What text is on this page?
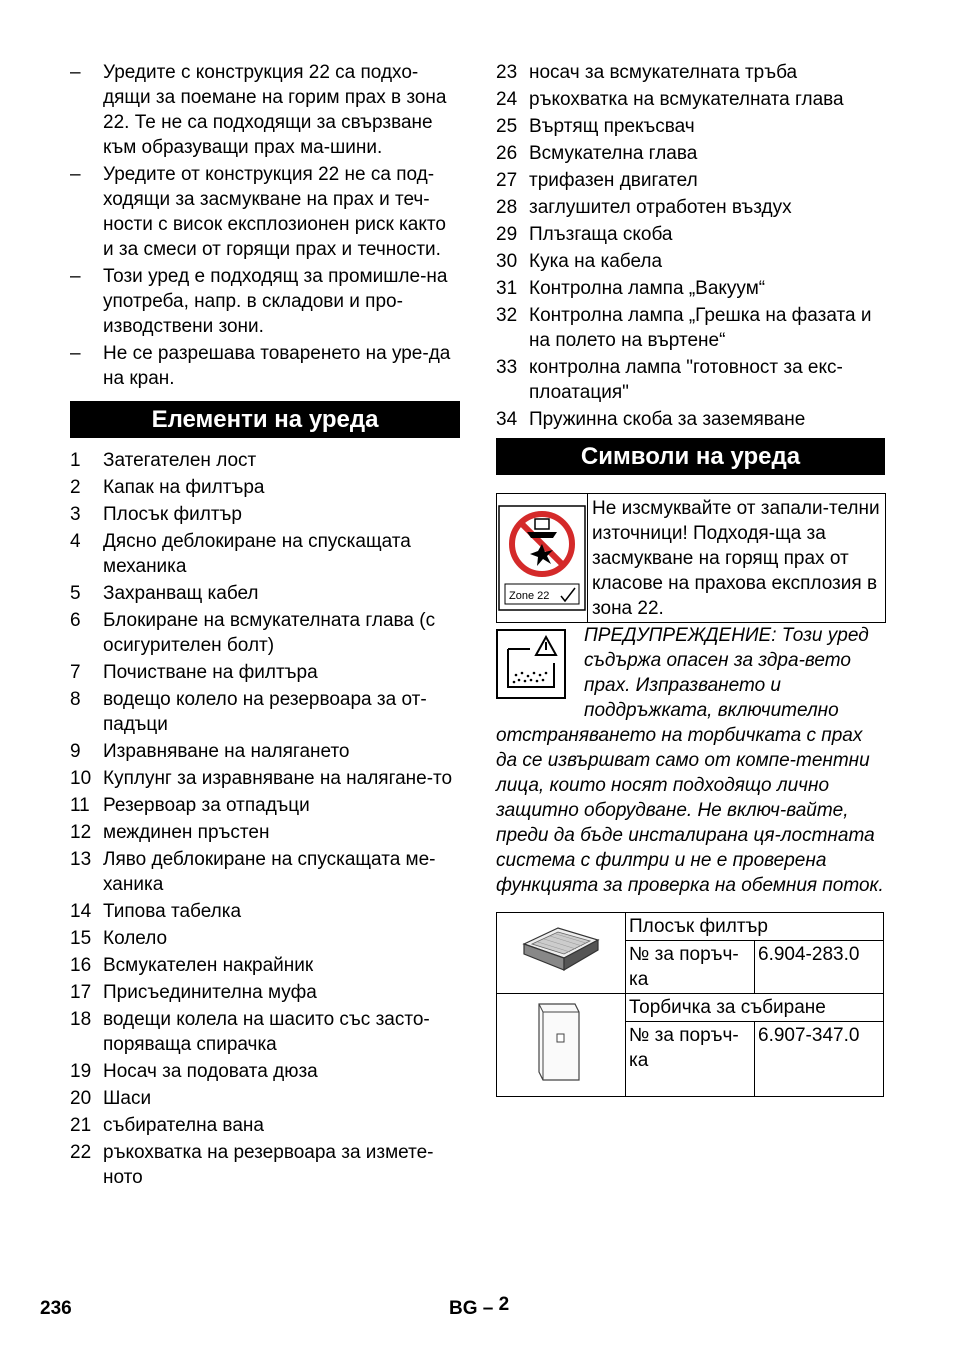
– Уредите с конструкция 22 са подхо-дящи за поемане на горим прах в зона 22. Те не са подходящи за свързване към образуващи прах ма-шини.
– Уредите от конструкция 22 не са под-ходящи за засмукване на прах и теч-ности с висок експлозионен риск както и за смеси от горящи прах и течности.
– Този уред е подходящ за промишле-на употреба, напр. в складови и про-изводствени зони.
– Не се разрешава товаренето на уре-да на кран.
Елементи на уреда
1 Затегателен лост
2 Капак на филтъра
3 Плосък филтър
4 Дясно деблокиране на спускащата механика
5 Захранващ кабел
6 Блокиране на всмукателната глава (с осигурителен болт)
7 Почистване на филтъра
8 водещо колело на резервоара за от-падъци
9 Изравняване на налягането
10 Куплунг за изравняване на налягане-то
11 Резервоар за отпадъци
12 междинен пръстен
13 Ляво деблокиране на спускащата ме-ханика
14 Типова табелка
15 Колело
16 Всмукателен накрайник
17 Присъединителна муфа
18 водещи колела на шасито със засто-поряваща спирачка
19 Носач за подовата дюза
20 Шаси
21 събирателна вана
22 ръкохватка на резервоара за измете-ното
23 носач за всмукателната тръба
24 ръкохватка на всмукателната глава
25 Въртящ прекъсвач
26 Всмукателна глава
27 трифазен двигател
28 заглушител отработен въздух
29 Плъзгаща скоба
30 Кука на кабела
31 Контролна лампа „Вакуум“
32 Контролна лампа „Грешка на фазата и на полето на въртене“
33 контролна лампа "готовност за екс-плоатация"
34 Пружинна скоба за заземяване
Символи на уреда
Zone 22
Не изсмуквайте от запали-телни източници! Подходя-ща за засмукване на горящ прах от класове на прахова експлозия в зона 22.
ПРЕДУПРЕЖДЕНИЕ: Този уред съдържа опасен за здра-вето прах. Изпразването и поддръжката, включително отстраняването на торбичката с прах да се извършват само от компе-тентни лица, които носят подходящо лично защитно оборудване. Не включ-вайте, преди да бъде инсталирана ця-лостната система с филтри и не е проверена функцията за проверка на обемния поток.
	Плосък филтър	
	№ за поръч-ка	6.904-283.0
	Торбичка за събиране	
	№ за поръч-ка	6.907-347.0
236	BG – 2
